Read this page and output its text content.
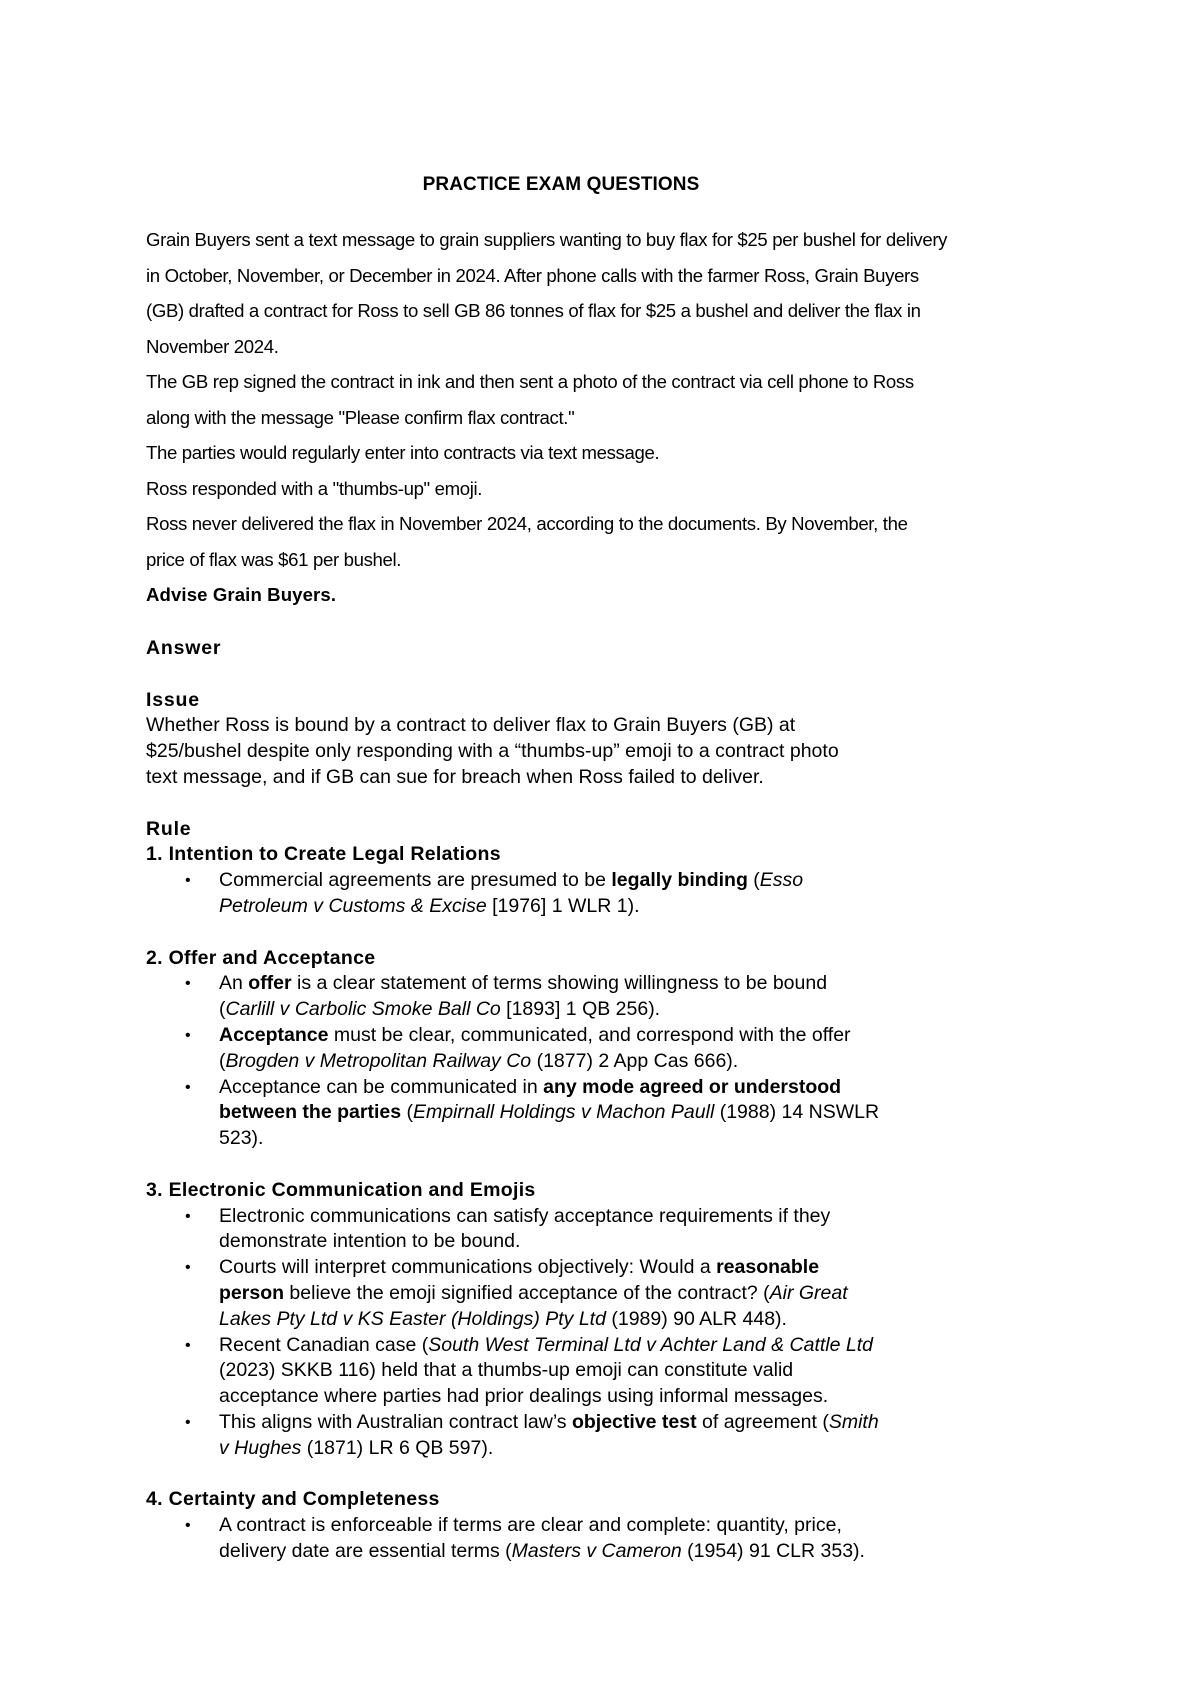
PRACTICE EXAM QUESTIONS

Grain Buyers sent a text message to grain suppliers wanting to buy flax for $25 per bushel for delivery

in October, November, or December in 2024. After phone calls with the farmer Ross, Grain Buyers

(GB) drafted a contract for Ross to sell GB 86 tonnes of flax for $25 a bushel and deliver the flax in

November 2024.

The GB rep signed the contract in ink and then sent a photo of the contract via cell phone to Ross

along with the message "Please confirm flax contract."

The parties would regularly enter into contracts via text message.

Ross responded with a "thumbs-up" emoji.

Ross never delivered the flax in November 2024, according to the documents. By November, the

price of flax was $61 per bushel.

Advise Grain Buyers.

Answer

Issue

Whether Ross is bound by a contract to deliver flax to Grain Buyers (GB) at

$25/bushel despite only responding with a “thumbs-up” emoji to a contract photo

text message, and if GB can sue for breach when Ross failed to deliver.

Rule

1. Intention to Create Legal Relations

• Commercial agreements are presumed to be legally binding (Esso
Petroleum v Customs & Excise [1976] 1 WLR 1).

2. Offer and Acceptance

• An offer is a clear statement of terms showing willingness to be bound
(Carlill v Carbolic Smoke Ball Co [1893] 1 QB 256).
• Acceptance must be clear, communicated, and correspond with the offer
(Brogden v Metropolitan Railway Co (1877) 2 App Cas 666).
• Acceptance can be communicated in any mode agreed or understood
between the parties (Empirnall Holdings v Machon Paull (1988) 14 NSWLR
523).

3. Electronic Communication and Emojis

• Electronic communications can satisfy acceptance requirements if they
demonstrate intention to be bound.
• Courts will interpret communications objectively: Would a reasonable
person believe the emoji signified acceptance of the contract? (Air Great
Lakes Pty Ltd v KS Easter (Holdings) Pty Ltd (1989) 90 ALR 448).
• Recent Canadian case (South West Terminal Ltd v Achter Land & Cattle Ltd
(2023) SKKB 116) held that a thumbs-up emoji can constitute valid
acceptance where parties had prior dealings using informal messages.
• This aligns with Australian contract law’s objective test of agreement (Smith
v Hughes (1871) LR 6 QB 597).

4. Certainty and Completeness

• A contract is enforceable if terms are clear and complete: quantity, price,
delivery date are essential terms (Masters v Cameron (1954) 91 CLR 353).
